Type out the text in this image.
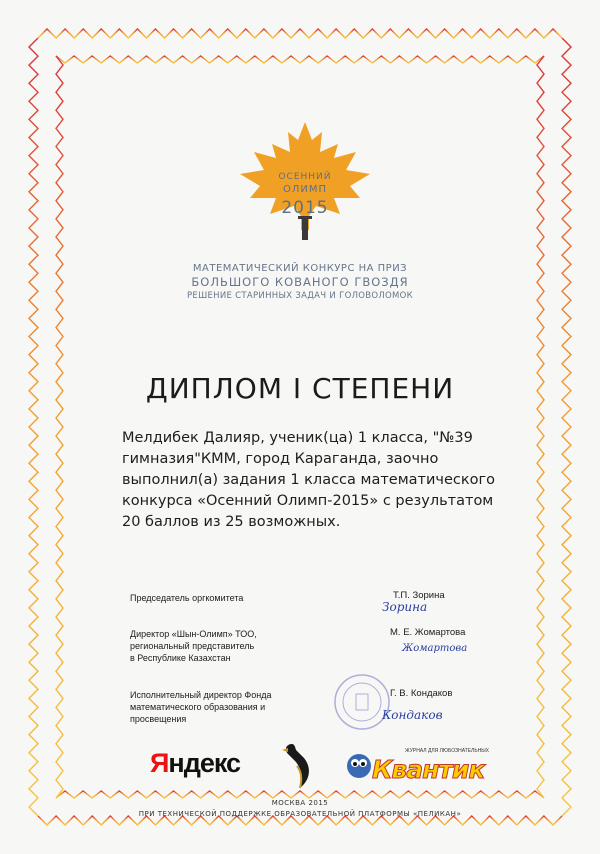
ОСЕННИЙ
ОЛИМП
2015
МАТЕМАТИЧЕСКИЙ КОНКУРС НА ПРИЗ
БОЛЬШОГО КОВАНОГО ГВОЗДЯ
РЕШЕНИЕ СТАРИННЫХ ЗАДАЧ И ГОЛОВОЛОМОК
ДИПЛОМ I СТЕПЕНИ
Мелдибек Далияр, ученик(ца) 1 класса, "№39 гимназия"КММ, город Караганда, заочно выполнил(а) задания 1 класса математического конкурса «Осенний Олимп-2015» с результатом 20 баллов из 25 возможных.
Председатель оргкомитета	Т.П. Зорина
Зорина
Директор «Шын-Олимп» ТОО,
региональный представитель
в Республике Казахстан
М. Е. Жомартова
Жомартова
Исполнительный директор Фонда
математического образования и
просвещения
Г. В. Кондаков
Кондаков
Яндекс	ЖУРНАЛ ДЛЯ ЛЮБОЗНАТЕЛЬНЫХ
Квантик
МОСКВА 2015
ПРИ ТЕХНИЧЕСКОЙ ПОДДЕРЖКЕ ОБРАЗОВАТЕЛЬНОЙ ПЛАТФОРМЫ «ПЕЛИКАН»
